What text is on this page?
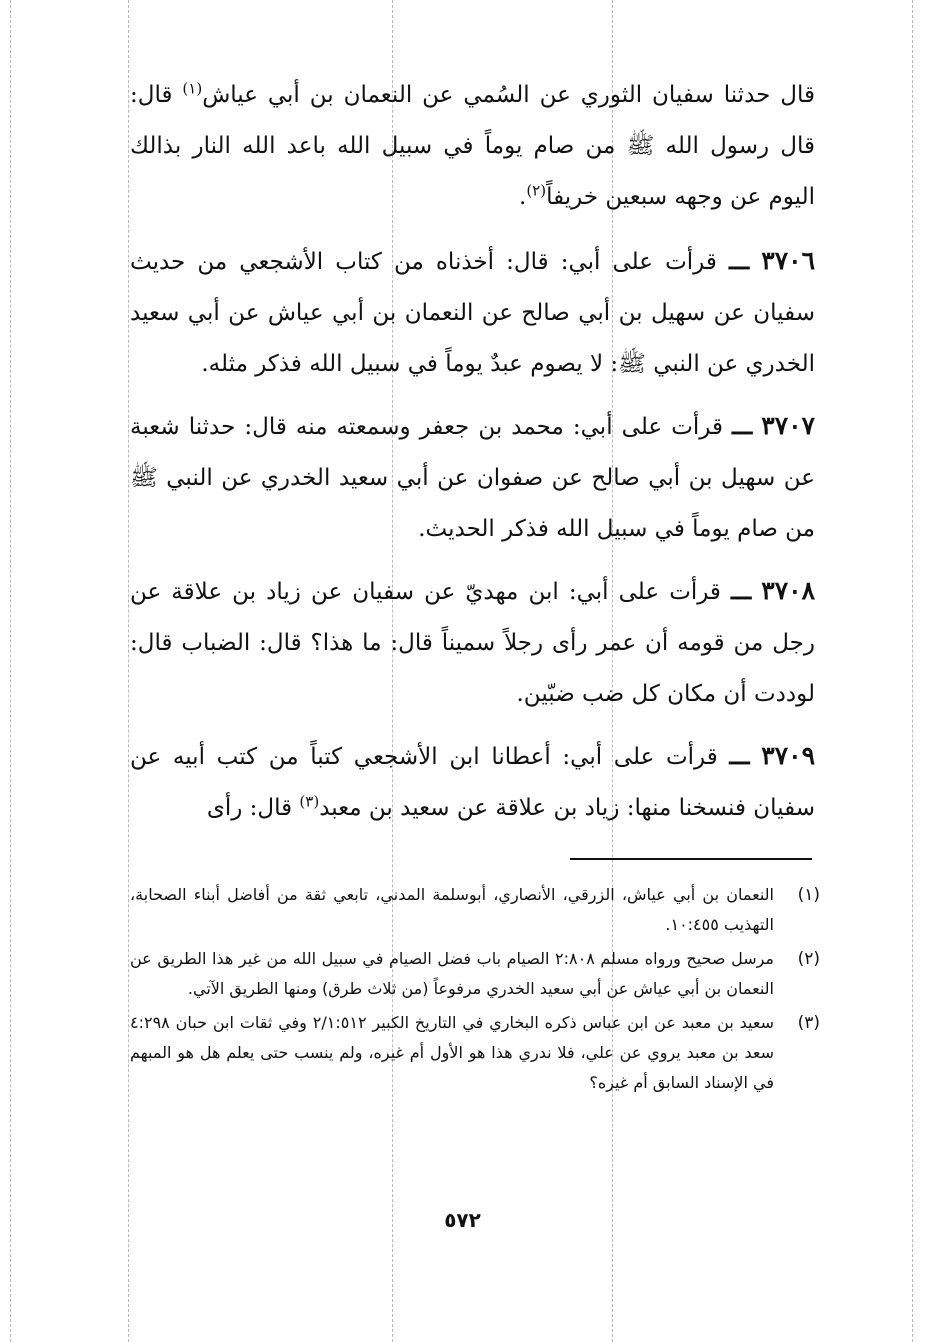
قال حدثنا سفيان الثوري عن السُمي عن النعمان بن أبي عياش$^{(١)}$ قال: قال رسول الله ﷺ من صام يوماً في سبيل الله باعد الله النار بذالك اليوم عن وجهه سبعين خريفاً$^{(٢)}$.

٣٧٠٦ ـــ قرأت على أبي: قال: أخذناه من كتاب الأشجعي من حديث سفيان عن سهيل بن أبي صالح عن النعمان بن أبي عياش عن أبي سعيد الخدري عن النبي ﷺ: لا يصوم عبدٌ يوماً في سبيل الله فذكر مثله.

٣٧٠٧ ـــ قرأت على أبي: محمد بن جعفر وسمعته منه قال: حدثنا شعبة عن سهيل بن أبي صالح عن صفوان عن أبي سعيد الخدري عن النبي ﷺ من صام يوماً في سبيل الله فذكر الحديث.

٣٧٠٨ ـــ قرأت على أبي: ابن مهديّ عن سفيان عن زياد بن علاقة عن رجل من قومه أن عمر رأى رجلاً سميناً قال: ما هذا؟ قال: الضباب قال: لوددت أن مكان كل ضب ضبّين.

٣٧٠٩ ـــ قرأت على أبي: أعطانا ابن الأشجعي كتباً من كتب أبيه عن سفيان فنسخنا منها: زياد بن علاقة عن سعيد بن معبد$^{(٣)}$ قال: رأى

(١)
النعمان بن أبي عياش، الزرقي، الأنصاري، أبوسلمة المدني، تابعي ثقة من أفاضل أبناء الصحابة، التهذيب ١٠:٤٥٥.
(٢)
مرسل صحيح ورواه مسلم ٢:٨٠٨ الصيام باب فضل الصيام في سبيل الله من غير هذا الطريق عن النعمان بن أبي عياش عن أبي سعيد الخدري مرفوعاً (من ثلاث طرق) ومنها الطريق الآتي.
(٣)
سعيد بن معبد عن ابن عباس ذكره البخاري في التاريخ الكبير ٢/١:٥١٢ وفي ثقات ابن حبان ٤:٢٩٨ سعد بن معبد يروي عن علي، فلا ندري هذا هو الأول أم غيره، ولم ينسب حتى يعلم هل هو المبهم في الإسناد السابق أم غيره؟
٥٧٢
